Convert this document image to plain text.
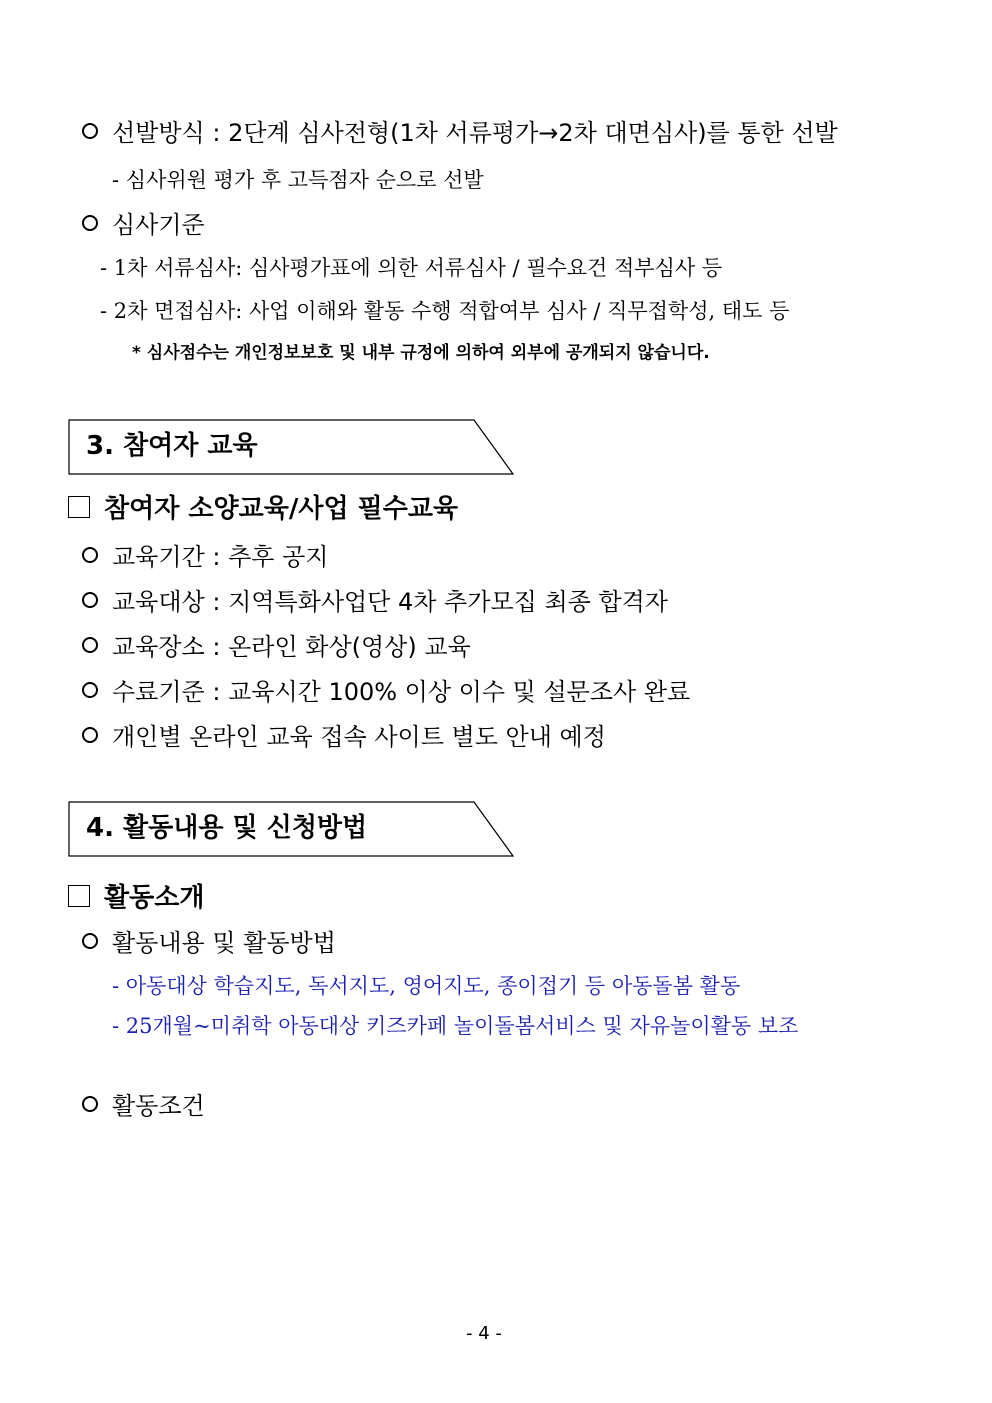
선발방식 : 2단계 심사전형(1차 서류평가→2차 대면심사)를 통한 선발
- 심사위원 평가 후 고득점자 순으로 선발
심사기준
- 1차 서류심사: 심사평가표에 의한 서류심사 / 필수요건 적부심사 등
- 2차 면접심사: 사업 이해와 활동 수행 적합여부 심사 / 직무접학성, 태도 등
* 심사점수는 개인정보보호 및 내부 규정에 의하여 외부에 공개되지 않습니다.
3. 참여자 교육
참여자 소양교육/사업 필수교육
교육기간 : 추후 공지
교육대상 : 지역특화사업단 4차 추가모집 최종 합격자
교육장소 : 온라인 화상(영상) 교육
수료기준 : 교육시간 100% 이상 이수 및 설문조사 완료
개인별 온라인 교육 접속 사이트 별도 안내 예정
4. 활동내용 및 신청방법
활동소개
활동내용 및 활동방법
- 아동대상 학습지도, 독서지도, 영어지도, 종이접기 등 아동돌봄 활동
- 25개월~미취학 아동대상 키즈카페 놀이돌봄서비스 및 자유놀이활동 보조
활동조건
- 4 -
